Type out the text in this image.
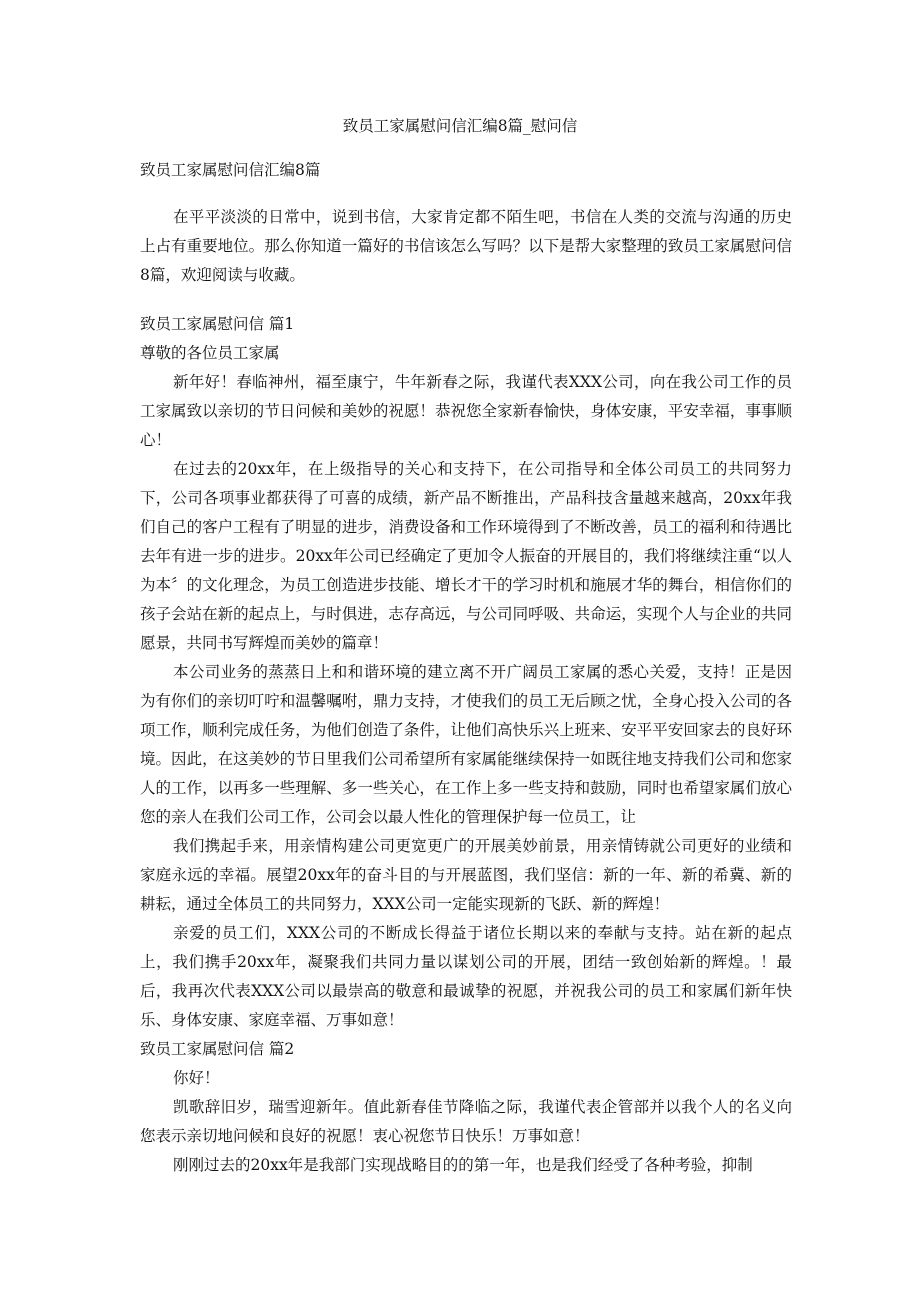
致员工家属慰问信汇编8篇_慰问信

致员工家属慰问信汇编8篇

在平平淡淡的日常中，说到书信，大家肯定都不陌生吧，书信在人类的交流与沟通的历史上占有重要地位。那么你知道一篇好的书信该怎么写吗？以下是帮大家整理的致员工家属慰问信8篇，欢迎阅读与收藏。

致员工家属慰问信 篇1

尊敬的各位员工家属

新年好！春临神州，福至康宁，牛年新春之际，我谨代表XXX公司，向在我公司工作的员工家属致以亲切的节日问候和美妙的祝愿！恭祝您全家新春愉快，身体安康，平安幸福，事事顺心！

在过去的20xx年，在上级指导的关心和支持下，在公司指导和全体公司员工的共同努力下，公司各项事业都获得了可喜的成绩，新产品不断推出，产品科技含量越来越高，20xx年我们自己的客户工程有了明显的进步，消费设备和工作环境得到了不断改善，员工的福利和待遇比去年有进一步的进步。20xx年公司已经确定了更加令人振奋的开展目的，我们将继续注重“以人为本〞的文化理念，为员工创造进步技能、增长才干的学习时机和施展才华的舞台，相信你们的孩子会站在新的起点上，与时俱进，志存高远，与公司同呼吸、共命运，实现个人与企业的共同愿景，共同书写辉煌而美妙的篇章！

本公司业务的蒸蒸日上和和谐环境的建立离不开广阔员工家属的悉心关爱，支持！正是因为有你们的亲切叮咛和温馨嘱咐，鼎力支持，才使我们的员工无后顾之忧，全身心投入公司的各项工作，顺利完成任务，为他们创造了条件，让他们高快乐兴上班来、安平平安回家去的良好环境。因此，在这美妙的节日里我们公司希望所有家属能继续保持一如既往地支持我们公司和您家人的工作，以再多一些理解、多一些关心，在工作上多一些支持和鼓励，同时也希望家属们放心您的亲人在我们公司工作，公司会以最人性化的管理保护每一位员工，让

我们携起手来，用亲情构建公司更宽更广的开展美妙前景，用亲情铸就公司更好的业绩和家庭永远的幸福。展望20xx年的奋斗目的与开展蓝图，我们坚信：新的一年、新的希冀、新的耕耘，通过全体员工的共同努力，XXX公司一定能实现新的飞跃、新的辉煌！

亲爱的员工们，XXX公司的不断成长得益于诸位长期以来的奉献与支持。站在新的起点上，我们携手20xx年，凝聚我们共同力量以谋划公司的开展，团结一致创始新的辉煌。！最后，我再次代表XXX公司以最崇高的敬意和最诚挚的祝愿，并祝我公司的员工和家属们新年快乐、身体安康、家庭幸福、万事如意！

致员工家属慰问信 篇2

你好！

凯歌辞旧岁，瑞雪迎新年。值此新春佳节降临之际，我谨代表企管部并以我个人的名义向您表示亲切地问候和良好的祝愿！衷心祝您节日快乐！万事如意！

刚刚过去的20xx年是我部门实现战略目的的第一年，也是我们经受了各种考验，抑制
